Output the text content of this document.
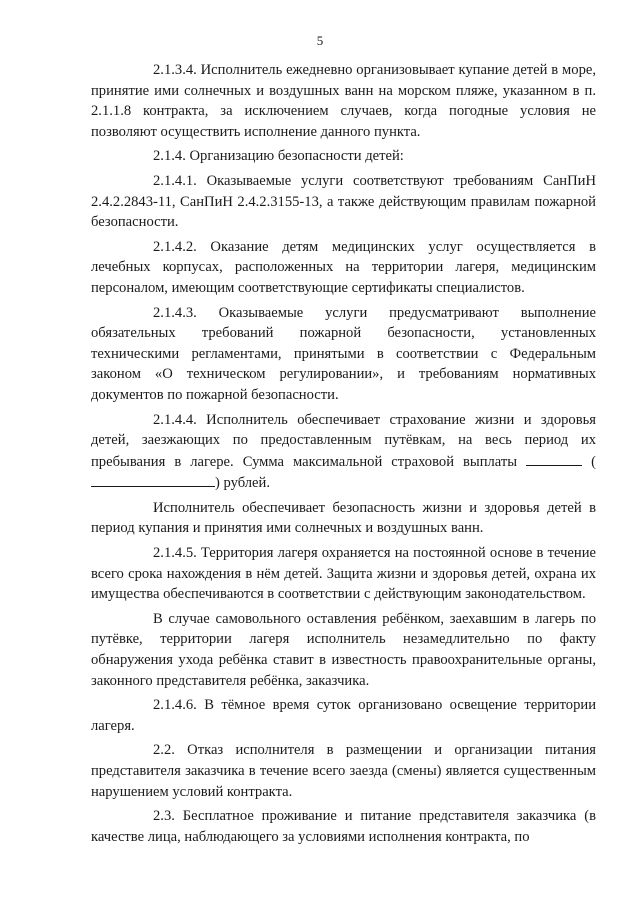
5

2.1.3.4. Исполнитель ежедневно организовывает купание детей в море, принятие ими солнечных и воздушных ванн на морском пляже, указанном в п. 2.1.1.8 контракта, за исключением случаев, когда погодные условия не позволяют осуществить исполнение данного пункта.

2.1.4. Организацию безопасности детей:

2.1.4.1. Оказываемые услуги соответствуют требованиям СанПиН 2.4.2.2843-11, СанПиН 2.4.2.3155-13, а также действующим правилам пожарной безопасности.

2.1.4.2. Оказание детям медицинских услуг осуществляется в лечебных корпусах, расположенных на территории лагеря, медицинским персоналом, имеющим соответствующие сертификаты специалистов.

2.1.4.3. Оказываемые услуги предусматривают выполнение обязательных требований пожарной безопасности, установленных техническими регламентами, принятыми в соответствии с Федеральным законом «О техническом регулировании», и требованиям нормативных документов по пожарной безопасности.

2.1.4.4. Исполнитель обеспечивает страхование жизни и здоровья детей, заезжающих по предоставленным путёвкам, на весь период их пребывания в лагере. Сумма максимальной страховой выплаты	() рублей.

Исполнитель обеспечивает безопасность жизни и здоровья детей в период купания и принятия ими солнечных и воздушных ванн.

2.1.4.5. Территория лагеря охраняется на постоянной основе в течение всего срока нахождения в нём детей. Защита жизни и здоровья детей, охрана их имущества обеспечиваются в соответствии с действующим законодательством.

В случае самовольного оставления ребёнком, заехавшим в лагерь по путёвке, территории лагеря исполнитель незамедлительно по факту обнаружения ухода ребёнка ставит в известность правоохранительные органы, законного представителя ребёнка, заказчика.

2.1.4.6. В тёмное время суток организовано освещение территории лагеря.

2.2. Отказ исполнителя в размещении и организации питания представителя заказчика в течение всего заезда (смены) является существенным нарушением условий контракта.

2.3. Бесплатное проживание и питание представителя заказчика (в качестве лица, наблюдающего за условиями исполнения контракта, по
